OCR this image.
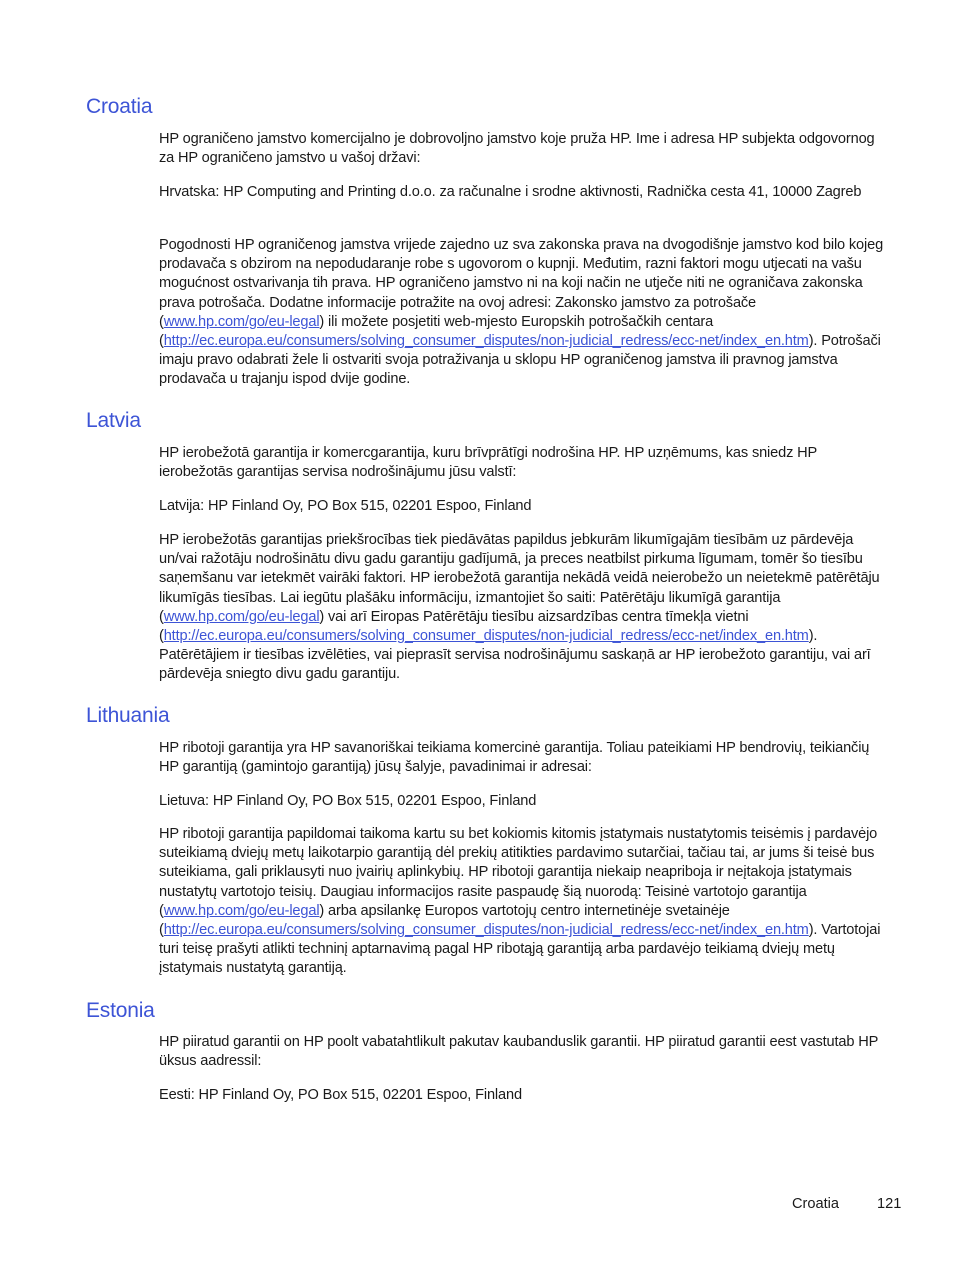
Croatia

HP ograničeno jamstvo komercijalno je dobrovoljno jamstvo koje pruža HP. Ime i adresa HP subjekta odgovornog za HP ograničeno jamstvo u vašoj državi:

Hrvatska: HP Computing and Printing d.o.o. za računalne i srodne aktivnosti, Radnička cesta 41, 10000 Zagreb

Pogodnosti HP ograničenog jamstva vrijede zajedno uz sva zakonska prava na dvogodišnje jamstvo kod bilo kojeg prodavača s obzirom na nepodudaranje robe s ugovorom o kupnji. Međutim, razni faktori mogu utjecati na vašu mogućnost ostvarivanja tih prava. HP ograničeno jamstvo ni na koji način ne utječe niti ne ograničava zakonska prava potrošača. Dodatne informacije potražite na ovoj adresi: Zakonsko jamstvo za potrošače (www.hp.com/go/eu-legal) ili možete posjetiti web-mjesto Europskih potrošačkih centara (http://ec.europa.eu/consumers/solving_consumer_disputes/non-judicial_redress/ecc-net/index_en.htm). Potrošači imaju pravo odabrati žele li ostvariti svoja potraživanja u sklopu HP ograničenog jamstva ili pravnog jamstva prodavača u trajanju ispod dvije godine.

Latvia

HP ierobežotā garantija ir komercgarantija, kuru brīvprātīgi nodrošina HP. HP uzņēmums, kas sniedz HP ierobežotās garantijas servisa nodrošinājumu jūsu valstī:

Latvija: HP Finland Oy, PO Box 515, 02201 Espoo, Finland

HP ierobežotās garantijas priekšrocības tiek piedāvātas papildus jebkurām likumīgajām tiesībām uz pārdevēja un/vai ražotāju nodrošinātu divu gadu garantiju gadījumā, ja preces neatbilst pirkuma līgumam, tomēr šo tiesību saņemšanu var ietekmēt vairāki faktori. HP ierobežotā garantija nekādā veidā neierobežo un neietekmē patērētāju likumīgās tiesības. Lai iegūtu plašāku informāciju, izmantojiet šo saiti: Patērētāju likumīgā garantija (www.hp.com/go/eu-legal) vai arī Eiropas Patērētāju tiesību aizsardzības centra tīmekļa vietni (http://ec.europa.eu/consumers/solving_consumer_disputes/non-judicial_redress/ecc-net/index_en.htm). Patērētājiem ir tiesības izvēlēties, vai pieprasīt servisa nodrošinājumu saskaņā ar HP ierobežoto garantiju, vai arī pārdevēja sniegto divu gadu garantiju.

Lithuania

HP ribotoji garantija yra HP savanoriškai teikiama komercinė garantija. Toliau pateikiami HP bendrovių, teikiančių HP garantiją (gamintojo garantiją) jūsų šalyje, pavadinimai ir adresai:

Lietuva: HP Finland Oy, PO Box 515, 02201 Espoo, Finland

HP ribotoji garantija papildomai taikoma kartu su bet kokiomis kitomis įstatymais nustatytomis teisėmis į pardavėjo suteikiamą dviejų metų laikotarpio garantiją dėl prekių atitikties pardavimo sutarčiai, tačiau tai, ar jums ši teisė bus suteikiama, gali priklausyti nuo įvairių aplinkybių. HP ribotoji garantija niekaip neapriboja ir neįtakoja įstatymais nustatytų vartotojo teisių. Daugiau informacijos rasite paspaudę šią nuorodą: Teisinė vartotojo garantija (www.hp.com/go/eu-legal) arba apsilankę Europos vartotojų centro internetinėje svetainėje (http://ec.europa.eu/consumers/solving_consumer_disputes/non-judicial_redress/ecc-net/index_en.htm). Vartotojai turi teisę prašyti atlikti techninį aptarnavimą pagal HP ribotąją garantiją arba pardavėjo teikiamą dviejų metų įstatymais nustatytą garantiją.

Estonia

HP piiratud garantii on HP poolt vabatahtlikult pakutav kaubanduslik garantii. HP piiratud garantii eest vastutab HP üksus aadressil:

Eesti: HP Finland Oy, PO Box 515, 02201 Espoo, Finland

Croatia	121
